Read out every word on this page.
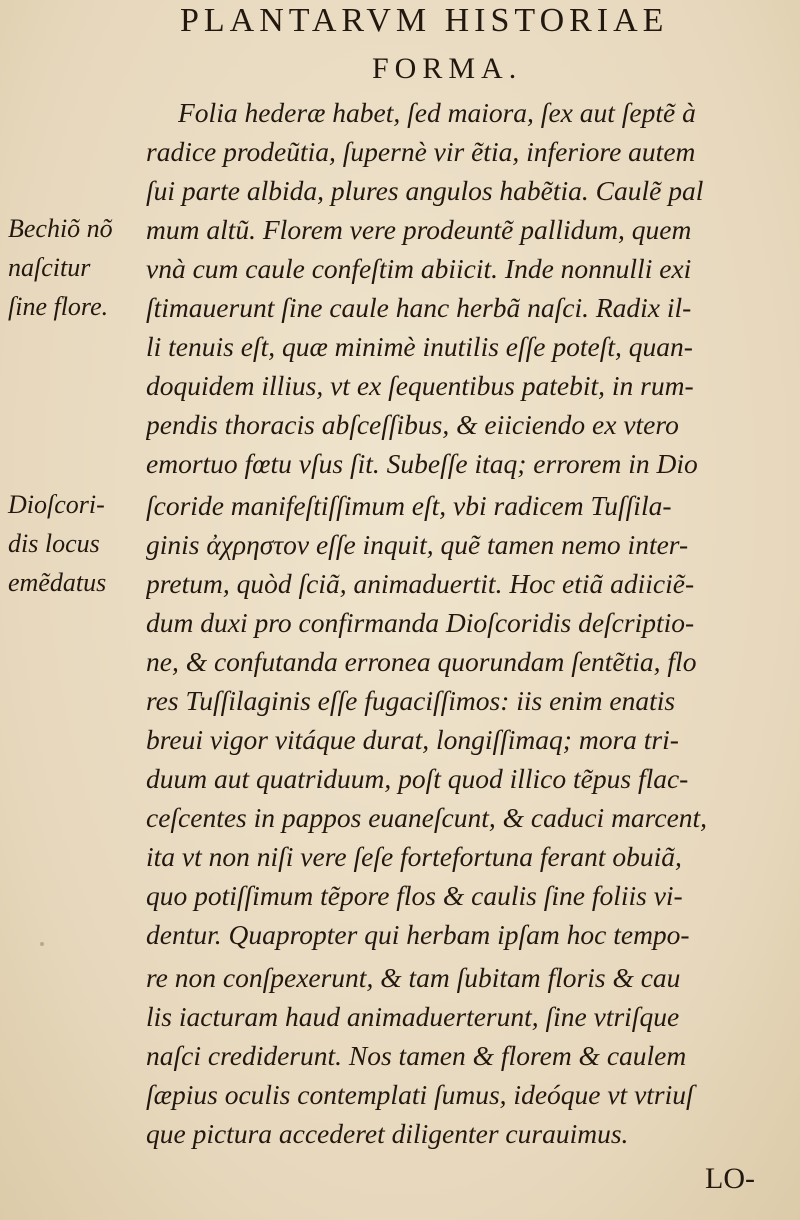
PLANTARVM HISTORIAE
FORMA.
Folia hederæ habet, ſed maiora, ſex aut ſeptẽ à
radice prodeũtia, ſupernè vir ẽtia, inferiore autem
ſui parte albida, plures angulos habẽtia. Caulẽ pal
mum altũ. Florem vere prodeuntẽ pallidum, quem
vnà cum caule confeſtim abiicit. Inde nonnulli exi
ſtimauerunt ſine caule hanc herbã naſci. Radix il-
li tenuis eſt, quæ minimè inutilis eſſe poteſt, quan-
doquidem illius, vt ex ſequentibus patebit, in rum-
pendis thoracis abſceſſibus, & eiiciendo ex vtero
emortuo fœtu vſus ſit. Subeſſe itaq; errorem in Dio
ſcoride manifeſtiſſimum eſt, vbi radicem Tuſſila-
ginis ἀχρηστον eſſe inquit, quẽ tamen nemo inter-
pretum, quòd ſciã, animaduertit. Hoc etiã adiiciẽ-
dum duxi pro confirmanda Dioſcoridis deſcriptio-
ne, & confutanda erronea quorundam ſentẽtia, flo
res Tuſſilaginis eſſe fugaciſſimos: iis enim enatis
breui vigor vitáque durat, longiſſimaq; mora tri-
duum aut quatriduum, poſt quod illico tẽpus flac-
ceſcentes in pappos euaneſcunt, & caduci marcent,
ita vt non niſi vere ſeſe fortefortuna ferant obuiã,
quo potiſſimum tẽpore flos & caulis ſine foliis vi-
dentur. Quapropter qui herbam ipſam hoc tempo-
re non conſpexerunt, & tam ſubitam floris & cau
lis iacturam haud animaduerterunt, ſine vtriſque
naſci crediderunt. Nos tamen & florem & caulem
ſæpius oculis contemplati ſumus, ideóque vt vtriuſ
que pictura accederet diligenter curauimus.
Bechiõ nõ
naſcitur
ſine flore.
Dioſcori-
dis locus
emẽdatus
LO-
